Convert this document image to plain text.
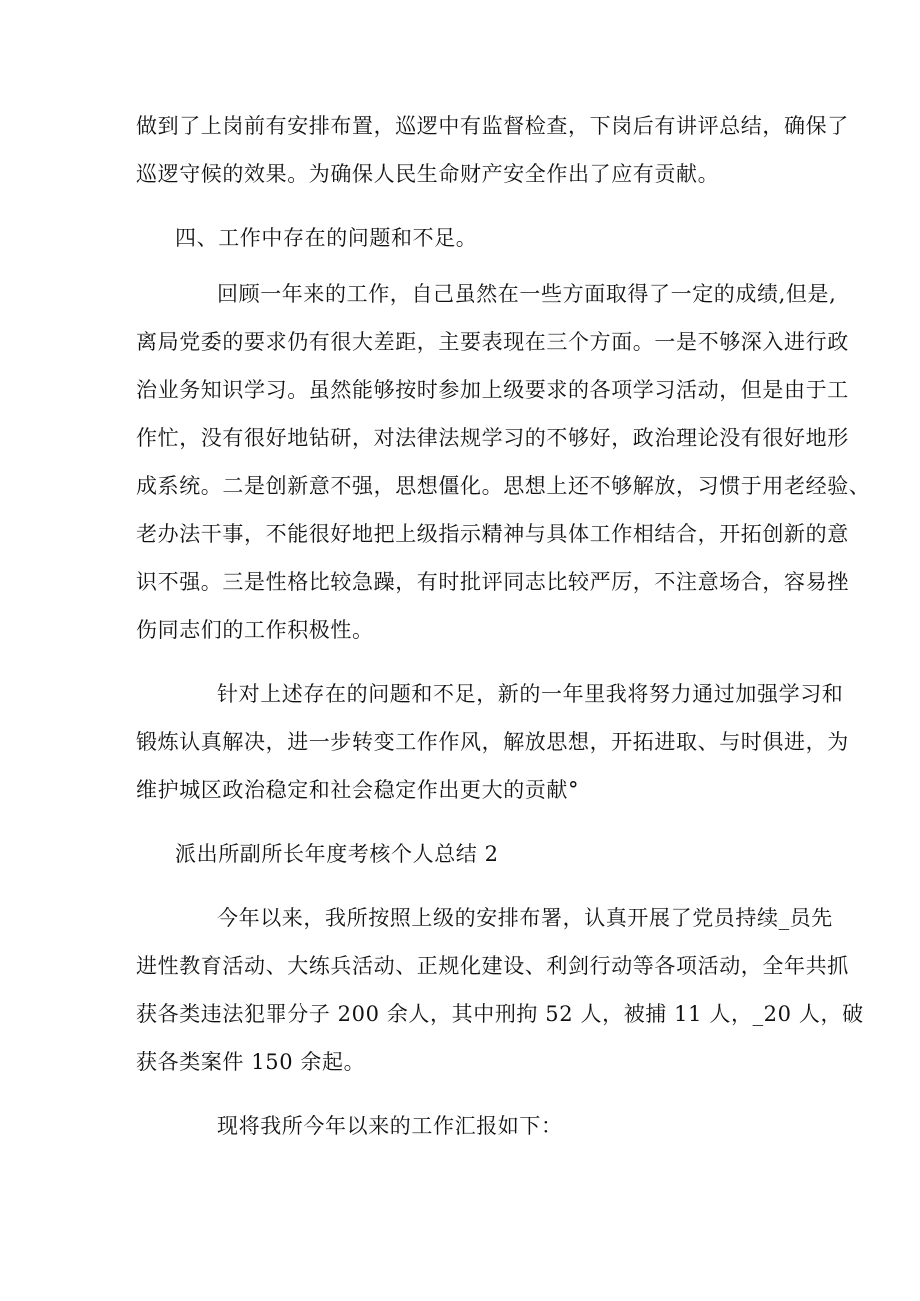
做到了上岗前有安排布置，巡逻中有监督检查，下岗后有讲评总结，确保了
巡逻守候的效果。为确保人民生命财产安全作出了应有贡献。
四、工作中存在的问题和不足。
回顾一年来的工作，自己虽然在一些方面取得了一定的成绩,但是,
离局党委的要求仍有很大差距，主要表现在三个方面。一是不够深入进行政
治业务知识学习。虽然能够按时参加上级要求的各项学习活动，但是由于工
作忙，没有很好地钻研，对法律法规学习的不够好，政治理论没有很好地形
成系统。二是创新意不强，思想僵化。思想上还不够解放，习惯于用老经验、
老办法干事，不能很好地把上级指示精神与具体工作相结合，开拓创新的意
识不强。三是性格比较急躁，有时批评同志比较严厉，不注意场合，容易挫
伤同志们的工作积极性。
针对上述存在的问题和不足，新的一年里我将努力通过加强学习和
锻炼认真解决，进一步转变工作作风，解放思想，开拓进取、与时俱进，为
维护城区政治稳定和社会稳定作出更大的贡献°
派出所副所长年度考核个人总结 2
今年以来，我所按照上级的安排布署，认真开展了党员持续_员先
进性教育活动、大练兵活动、正规化建设、利剑行动等各项活动，全年共抓
获各类违法犯罪分子 200 余人，其中刑拘 52 人，被捕 11 人，_20 人，破
获各类案件 150 余起。
现将我所今年以来的工作汇报如下：
